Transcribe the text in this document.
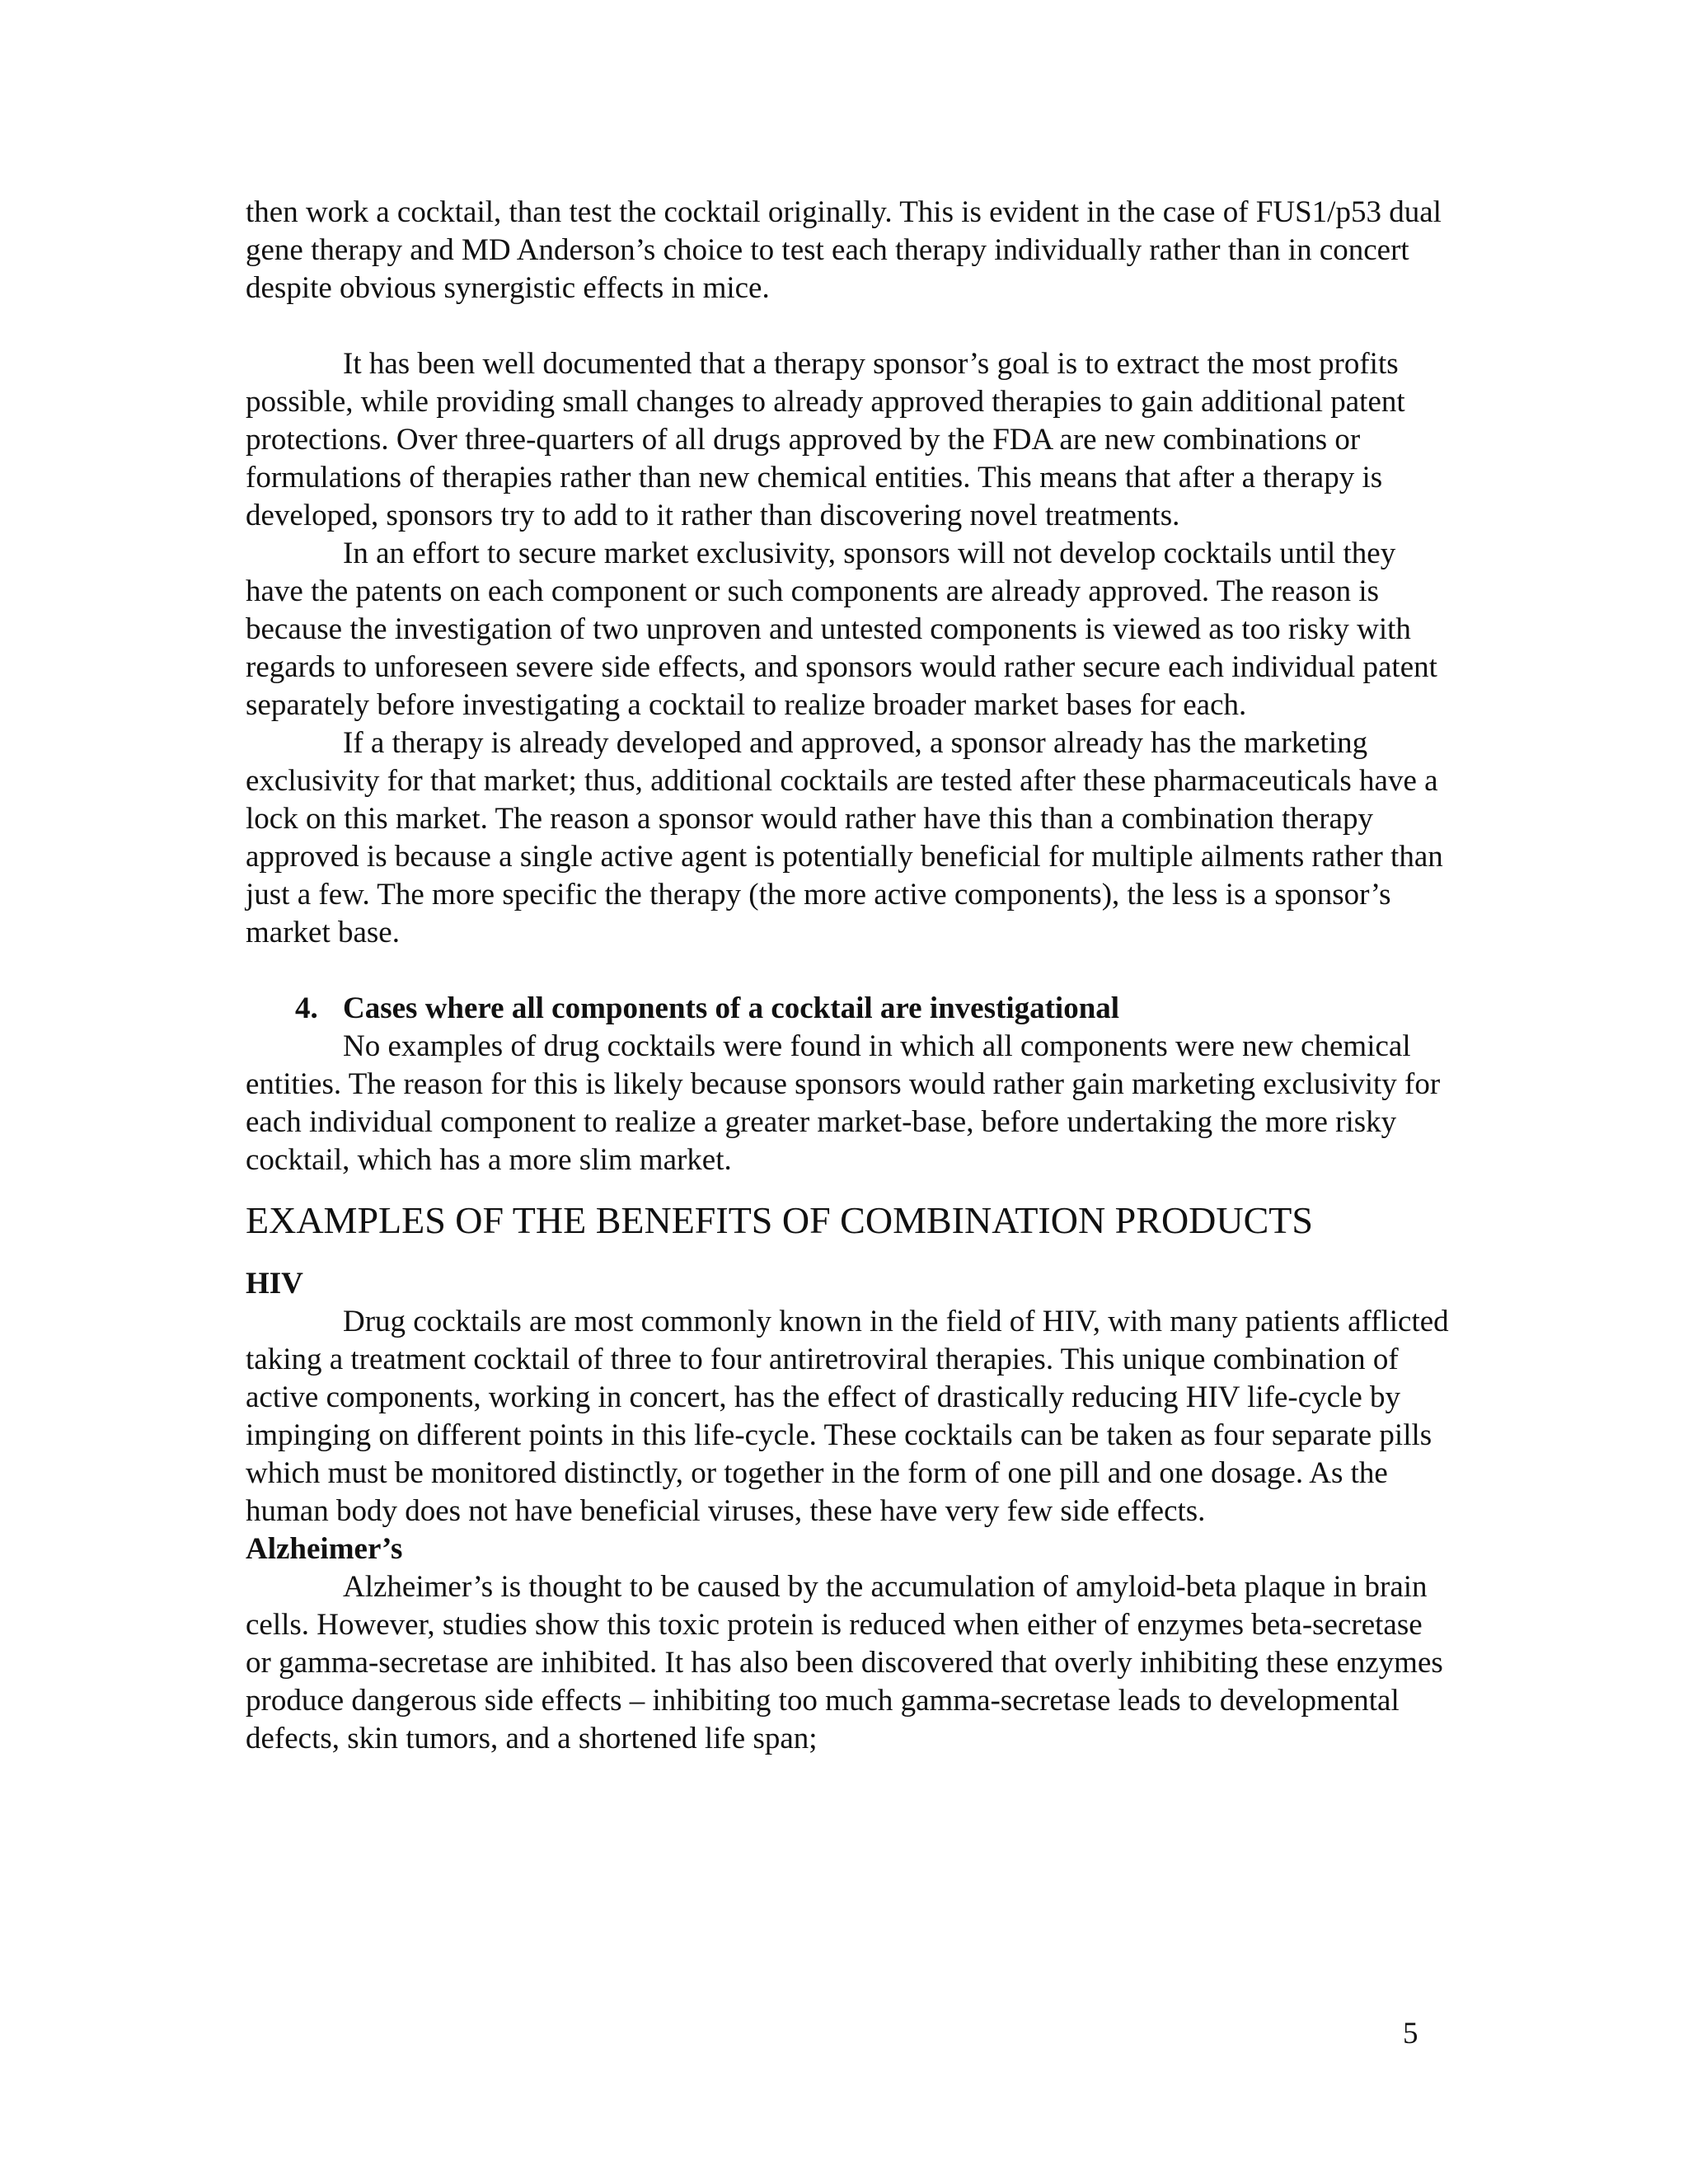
then work a cocktail, than test the cocktail originally. This is evident in the case of FUS1/p53 dual gene therapy and MD Anderson’s choice to test each therapy individually rather than in concert despite obvious synergistic effects in mice.

It has been well documented that a therapy sponsor’s goal is to extract the most profits possible, while providing small changes to already approved therapies to gain additional patent protections. Over three-quarters of all drugs approved by the FDA are new combinations or formulations of therapies rather than new chemical entities. This means that after a therapy is developed, sponsors try to add to it rather than discovering novel treatments.

In an effort to secure market exclusivity, sponsors will not develop cocktails until they have the patents on each component or such components are already approved. The reason is because the investigation of two unproven and untested components is viewed as too risky with regards to unforeseen severe side effects, and sponsors would rather secure each individual patent separately before investigating a cocktail to realize broader market bases for each.

If a therapy is already developed and approved, a sponsor already has the marketing exclusivity for that market; thus, additional cocktails are tested after these pharmaceuticals have a lock on this market. The reason a sponsor would rather have this than a combination therapy approved is because a single active agent is potentially beneficial for multiple ailments rather than just a few. The more specific the therapy (the more active components), the less is a sponsor’s market base.

4. Cases where all components of a cocktail are investigational

No examples of drug cocktails were found in which all components were new chemical entities. The reason for this is likely because sponsors would rather gain marketing exclusivity for each individual component to realize a greater market-base, before undertaking the more risky cocktail, which has a more slim market.

EXAMPLES OF THE BENEFITS OF COMBINATION PRODUCTS

HIV

Drug cocktails are most commonly known in the field of HIV, with many patients afflicted taking a treatment cocktail of three to four antiretroviral therapies. This unique combination of active components, working in concert, has the effect of drastically reducing HIV life-cycle by impinging on different points in this life-cycle. These cocktails can be taken as four separate pills which must be monitored distinctly, or together in the form of one pill and one dosage. As the human body does not have beneficial viruses, these have very few side effects.

Alzheimer’s

Alzheimer’s is thought to be caused by the accumulation of amyloid-beta plaque in brain cells. However, studies show this toxic protein is reduced when either of enzymes beta-secretase or gamma-secretase are inhibited. It has also been discovered that overly inhibiting these enzymes produce dangerous side effects – inhibiting too much gamma-secretase leads to developmental defects, skin tumors, and a shortened life span;

5
